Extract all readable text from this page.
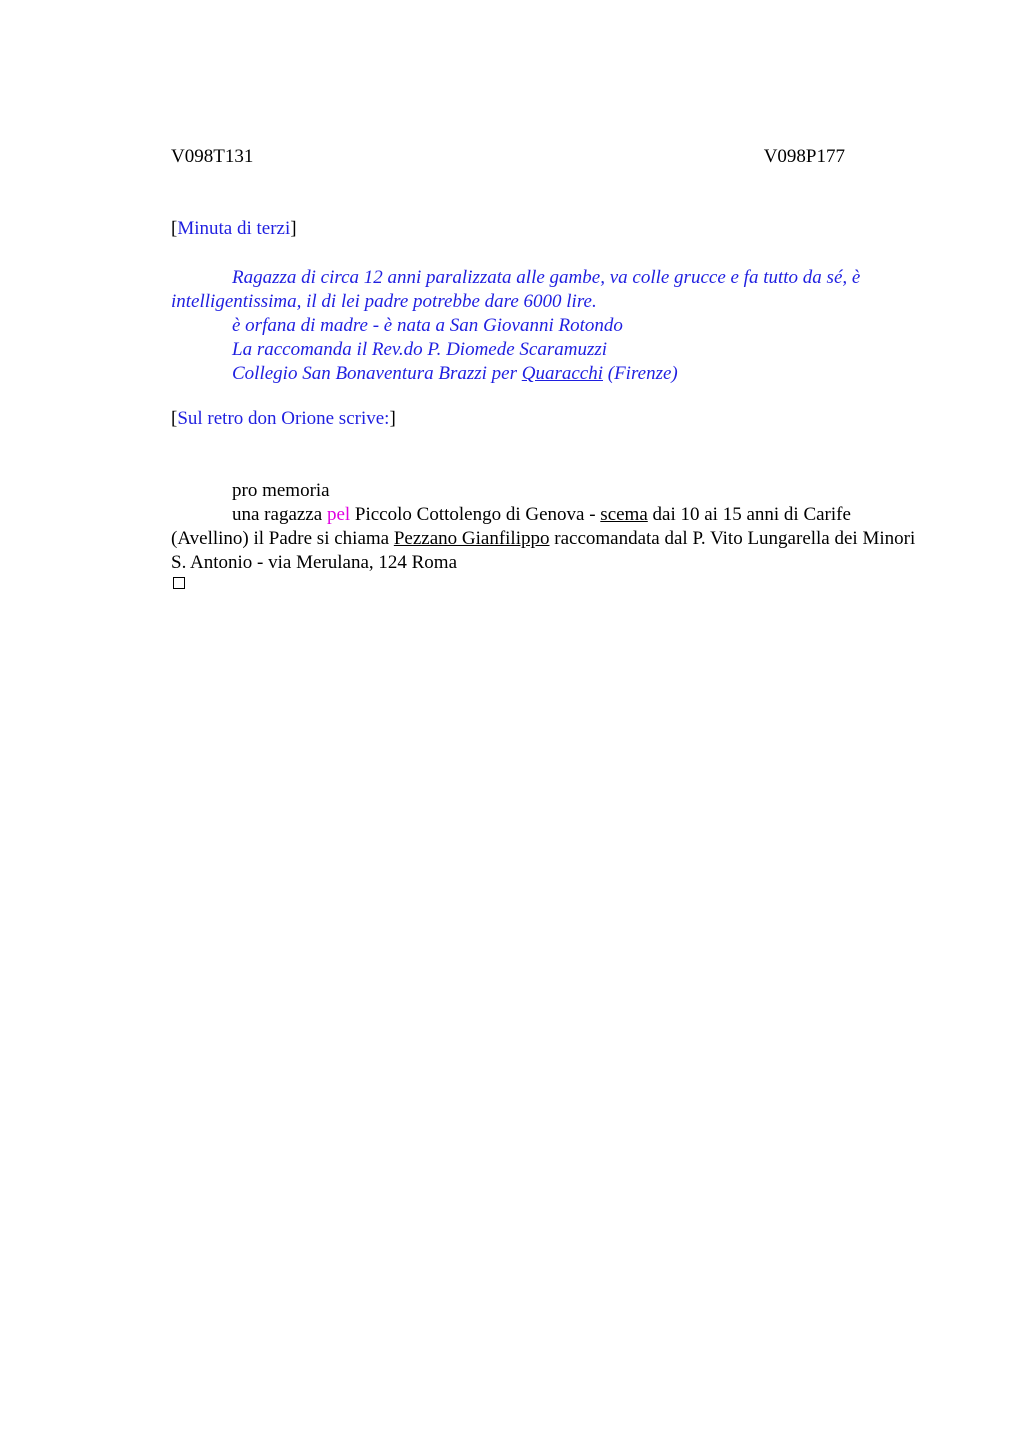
V098T131	V098P177
[Minuta di terzi]

Ragazza di circa 12 anni paralizzata alle gambe, va colle grucce e fa tutto da sé, è intelligentissima, il di lei padre potrebbe dare 6000 lire.

è orfana di madre - è nata a San Giovanni Rotondo

La raccomanda il Rev.do P. Diomede Scaramuzzi

Collegio San Bonaventura Brazzi per Quaracchi (Firenze)

[Sul retro don Orione scrive:]

pro memoria

una ragazza pel Piccolo Cottolengo di Genova - scema dai 10 ai 15 anni di Carife (Avellino) il Padre si chiama Pezzano Gianfilippo raccomandata dal P. Vito Lungarella dei Minori S. Antonio - via Merulana, 124 Roma
